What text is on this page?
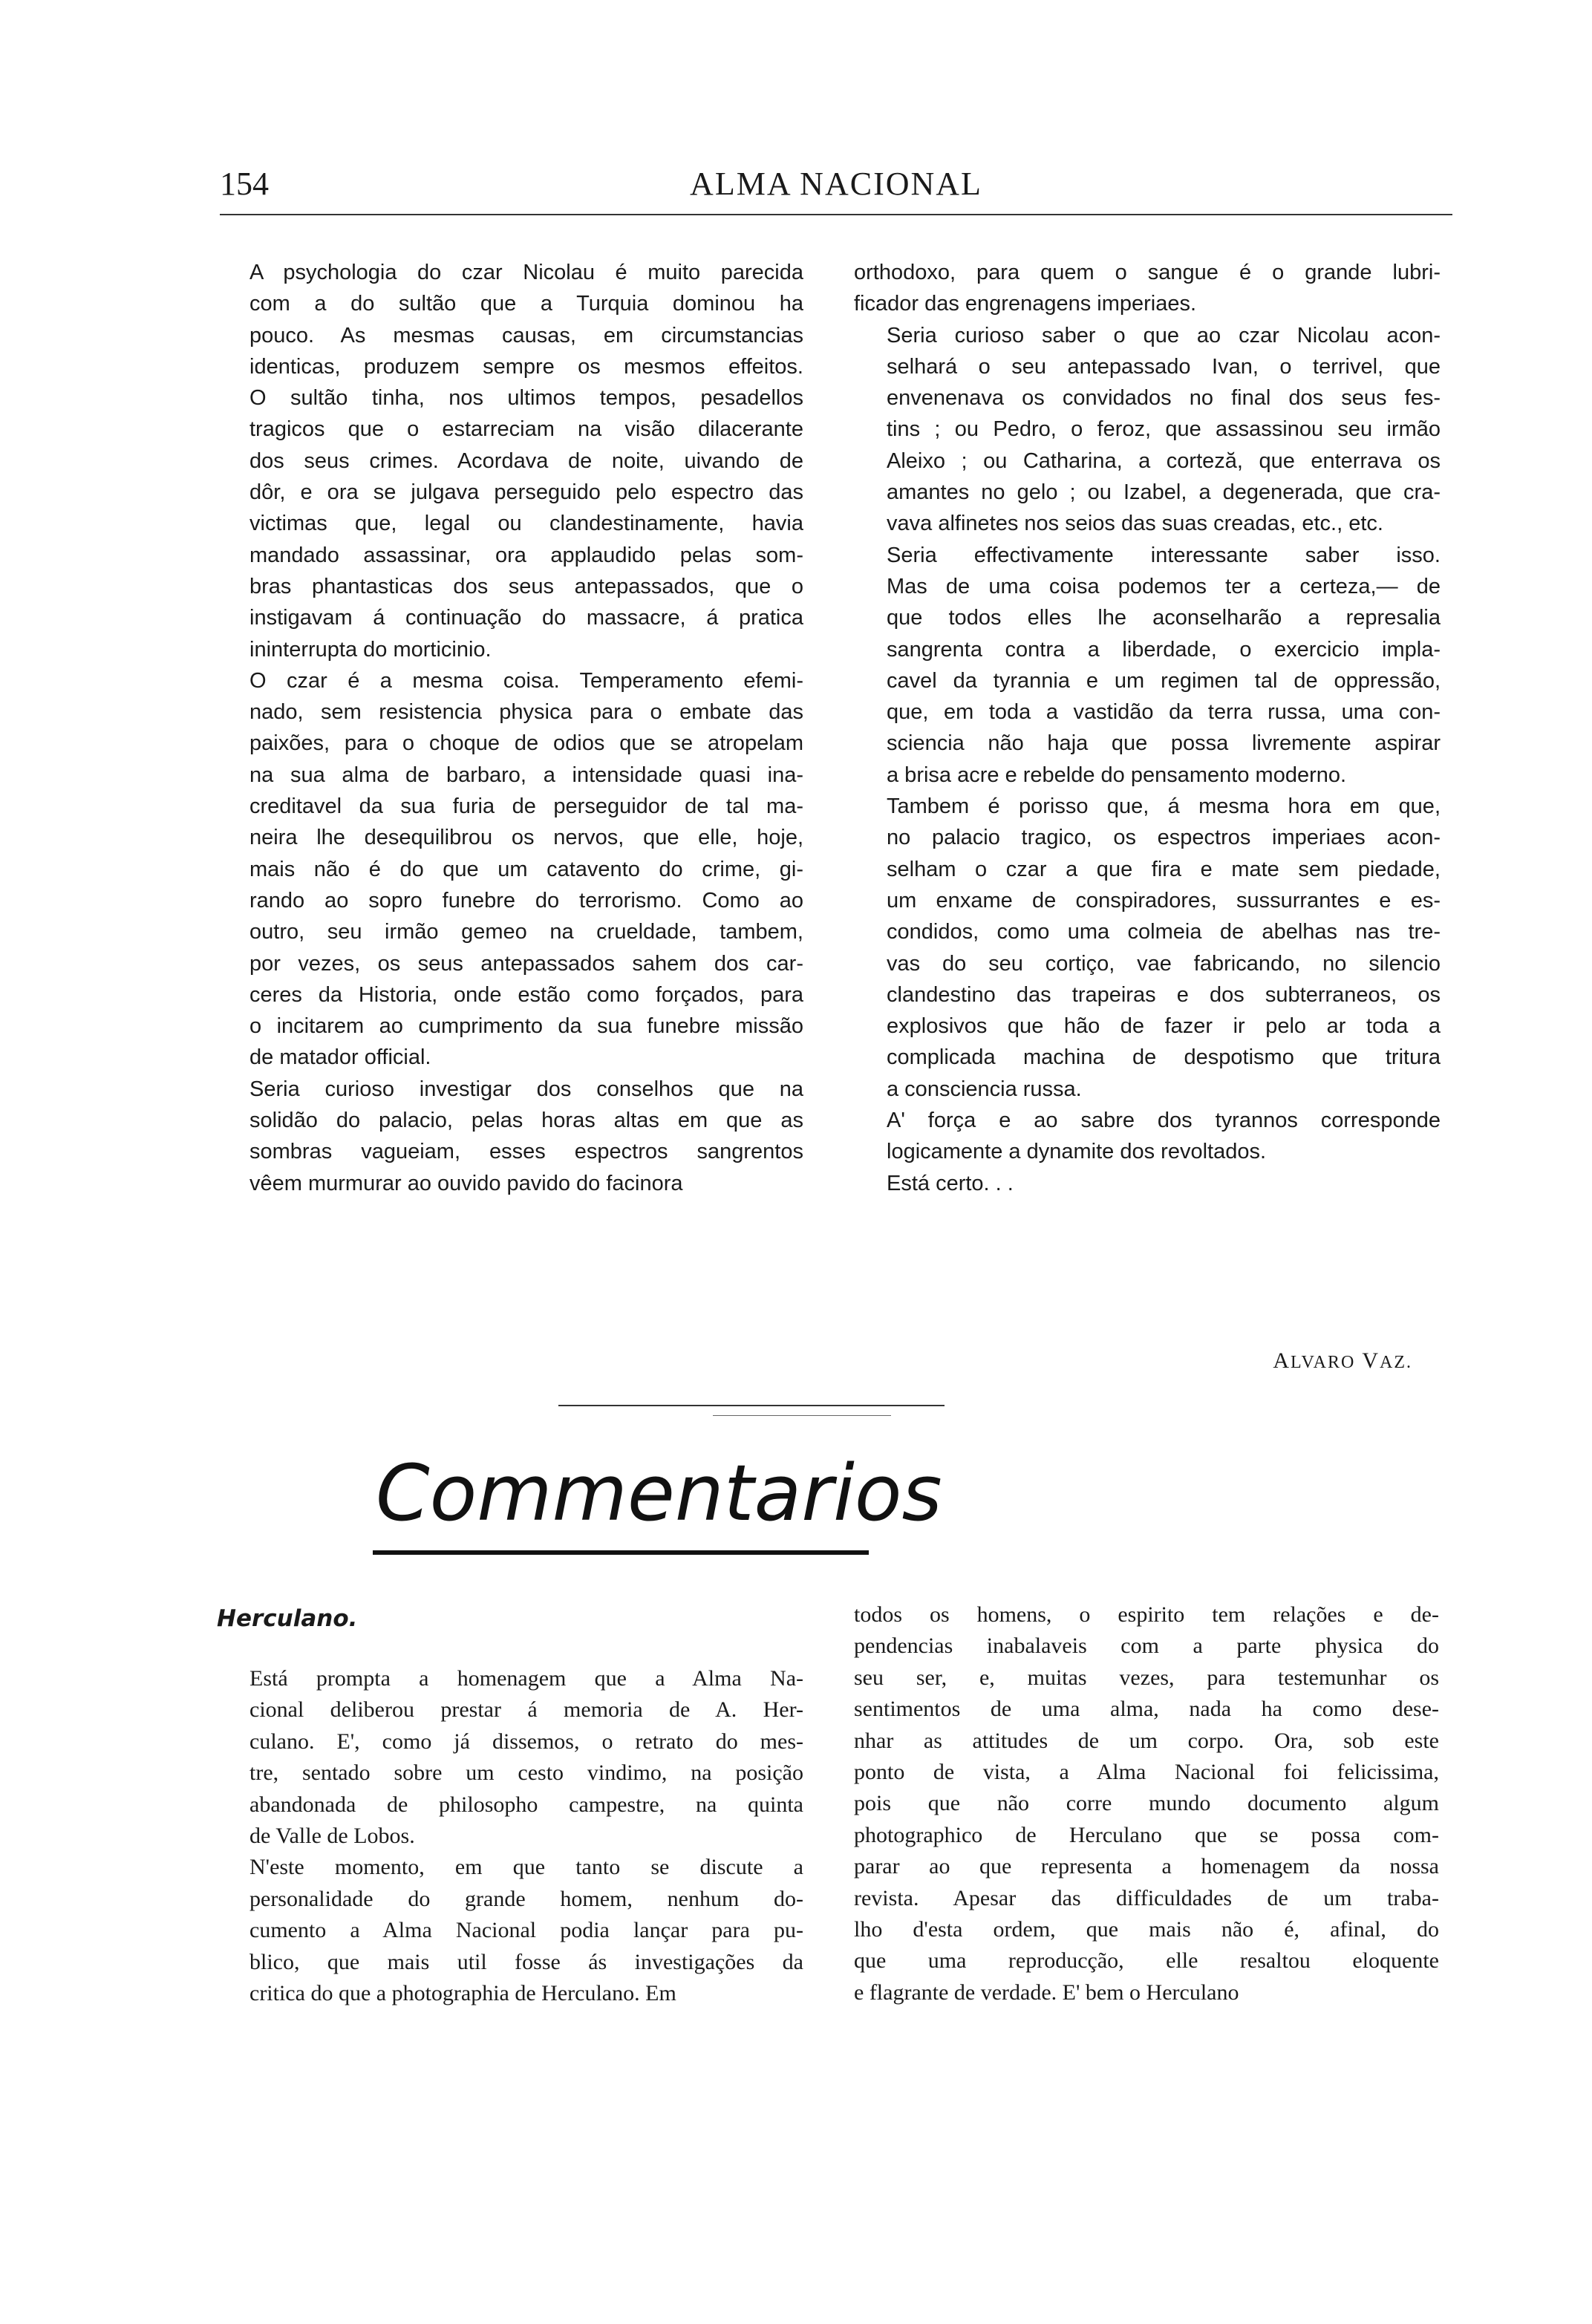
154	ALMA NACIONAL

A psychologia do czar Nicolau é muito parecida
com a do sultão que a Turquia dominou ha
pouco. As mesmas causas, em circumstancias
identicas, produzem sempre os mesmos effeitos.
O sultão tinha, nos ultimos tempos, pesadellos
tragicos que o estarreciam na visão dilacerante
dos seus crimes. Acordava de noite, uivando de
dôr, e ora se julgava perseguido pelo espectro das
victimas que, legal ou clandestinamente, havia
mandado assassinar, ora applaudido pelas som-
bras phantasticas dos seus antepassados, que o
instigavam á continuação do massacre, á pratica
ininterrupta do morticinio.

O czar é a mesma coisa. Temperamento efemi-
nado, sem resistencia physica para o embate das
paixões, para o choque de odios que se atropelam
na sua alma de barbaro, a intensidade quasi ina-
creditavel da sua furia de perseguidor de tal ma-
neira lhe desequilibrou os nervos, que elle, hoje,
mais não é do que um catavento do crime, gi-
rando ao sopro funebre do terrorismo. Como ao
outro, seu irmão gemeo na crueldade, tambem,
por vezes, os seus antepassados sahem dos car-
ceres da Historia, onde estão como forçados, para
o incitarem ao cumprimento da sua funebre missão
de matador official.

Seria curioso investigar dos conselhos que na
solidão do palacio, pelas horas altas em que as
sombras vagueiam, esses espectros sangrentos
vêem murmurar ao ouvido pavido do facinora

orthodoxo, para quem o sangue é o grande lubri-
ficador das engrenagens imperiaes.

Seria curioso saber o que ao czar Nicolau acon-
selhará o seu antepassado Ivan, o terrivel, que
envenenava os convidados no final dos seus fes-
tins ; ou Pedro, o feroz, que assassinou seu irmão
Aleixo ; ou Catharina, a corteză, que enterrava os
amantes no gelo ; ou Izabel, a degenerada, que cra-
vava alfinetes nos seios das suas creadas, etc., etc.

Seria effectivamente interessante saber isso.
Mas de uma coisa podemos ter a certeza,— de
que todos elles lhe aconselharão a represalia
sangrenta contra a liberdade, o exercicio impla-
cavel da tyrannia e um regimen tal de oppressão,
que, em toda a vastidão da terra russa, uma con-
sciencia não haja que possa livremente aspirar
a brisa acre e rebelde do pensamento moderno.

Tambem é porisso que, á mesma hora em que,
no palacio tragico, os espectros imperiaes acon-
selham o czar a que fira e mate sem piedade,
um enxame de conspiradores, sussurrantes e es-
condidos, como uma colmeia de abelhas nas tre-
vas do seu cortiço, vae fabricando, no silencio
clandestino das trapeiras e dos subterraneos, os
explosivos que hão de fazer ir pelo ar toda a
complicada machina de despotismo que tritura
a consciencia russa.

A' força e ao sabre dos tyrannos corresponde
logicamente a dynamite dos revoltados.

Está certo. . .

ALVARO VAZ.
Commentarios
Herculano.

Está prompta a homenagem que a Alma Na-
cional deliberou prestar á memoria de A. Her-
culano. E', como já dissemos, o retrato do mes-
tre, sentado sobre um cesto vindimo, na posição
abandonada de philosopho campestre, na quinta
de Valle de Lobos.

N'este momento, em que tanto se discute a
personalidade do grande homem, nenhum do-
cumento a Alma Nacional podia lançar para pu-
blico, que mais util fosse ás investigações da
critica do que a photographia de Herculano. Em

todos os homens, o espirito tem relações e de-
pendencias inabalaveis com a parte physica do
seu ser, e, muitas vezes, para testemunhar os
sentimentos de uma alma, nada ha como dese-
nhar as attitudes de um corpo. Ora, sob este
ponto de vista, a Alma Nacional foi felicissima,
pois que não corre mundo documento algum
photographico de Herculano que se possa com-
parar ao que representa a homenagem da nossa
revista. Apesar das difficuldades de um traba-
lho d'esta ordem, que mais não é, afinal, do
que uma reproducção, elle resaltou eloquente
e flagrante de verdade. E' bem o Herculano
